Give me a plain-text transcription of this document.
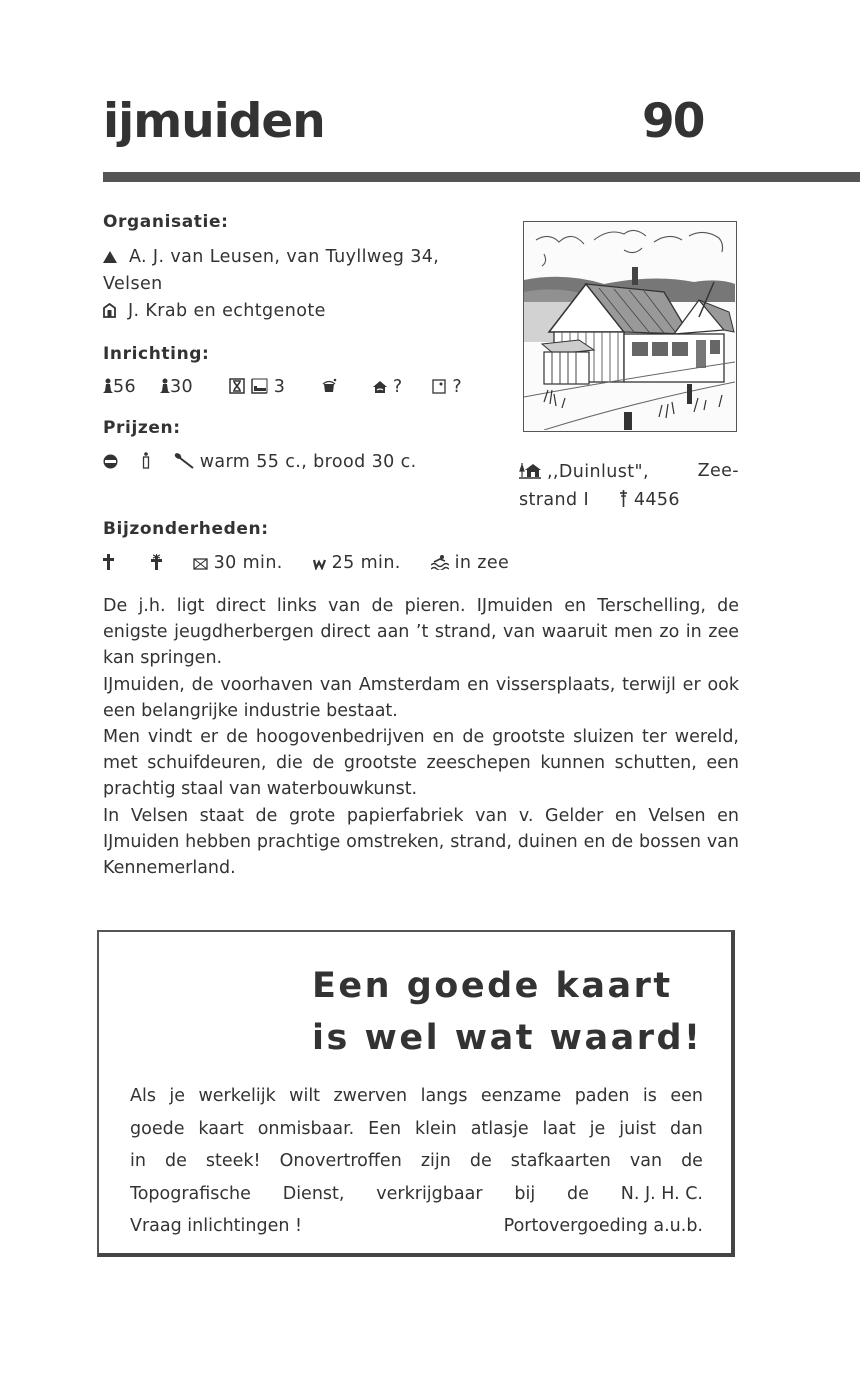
ijmuiden	90
Organisatie:
A. J. van Leusen, van Tuyllweg 34,
Velsen
J. Krab en echtgenote
Inrichting:
56 30	3	?	?
Prijzen:
warm 55 c., brood 30 c.	,,Duinlust",	Zee-
strand I	4456
Bijzonderheden:
30 min.	25 min.	in zee

De j.h. ligt direct links van de pieren. IJmuiden en Terschelling, de enigste jeugdherbergen direct aan ’t strand, van waaruit men zo in zee kan springen.

IJmuiden, de voorhaven van Amsterdam en vissersplaats, terwijl er ook een belangrijke industrie bestaat.

Men vindt er de hoogovenbedrijven en de grootste sluizen ter wereld, met schuifdeuren, die de grootste zeeschepen kunnen schutten, een prachtig staal van waterbouwkunst.

In Velsen staat de grote papierfabriek van v. Gelder en Velsen en IJmuiden hebben prachtige omstreken, strand, duinen en de bossen van Kennemerland.

Een goede kaart
is wel wat waard!
Als je werkelijk wilt zwerven langs eenzame paden is een
goede kaart onmisbaar. Een klein atlasje laat je juist dan
in de steek! Onovertroffen zijn de stafkaarten van de
Topografische Dienst, verkrijgbaar bij de N. J. H. C.
Vraag inlichtingen !	Portovergoeding a.u.b.
